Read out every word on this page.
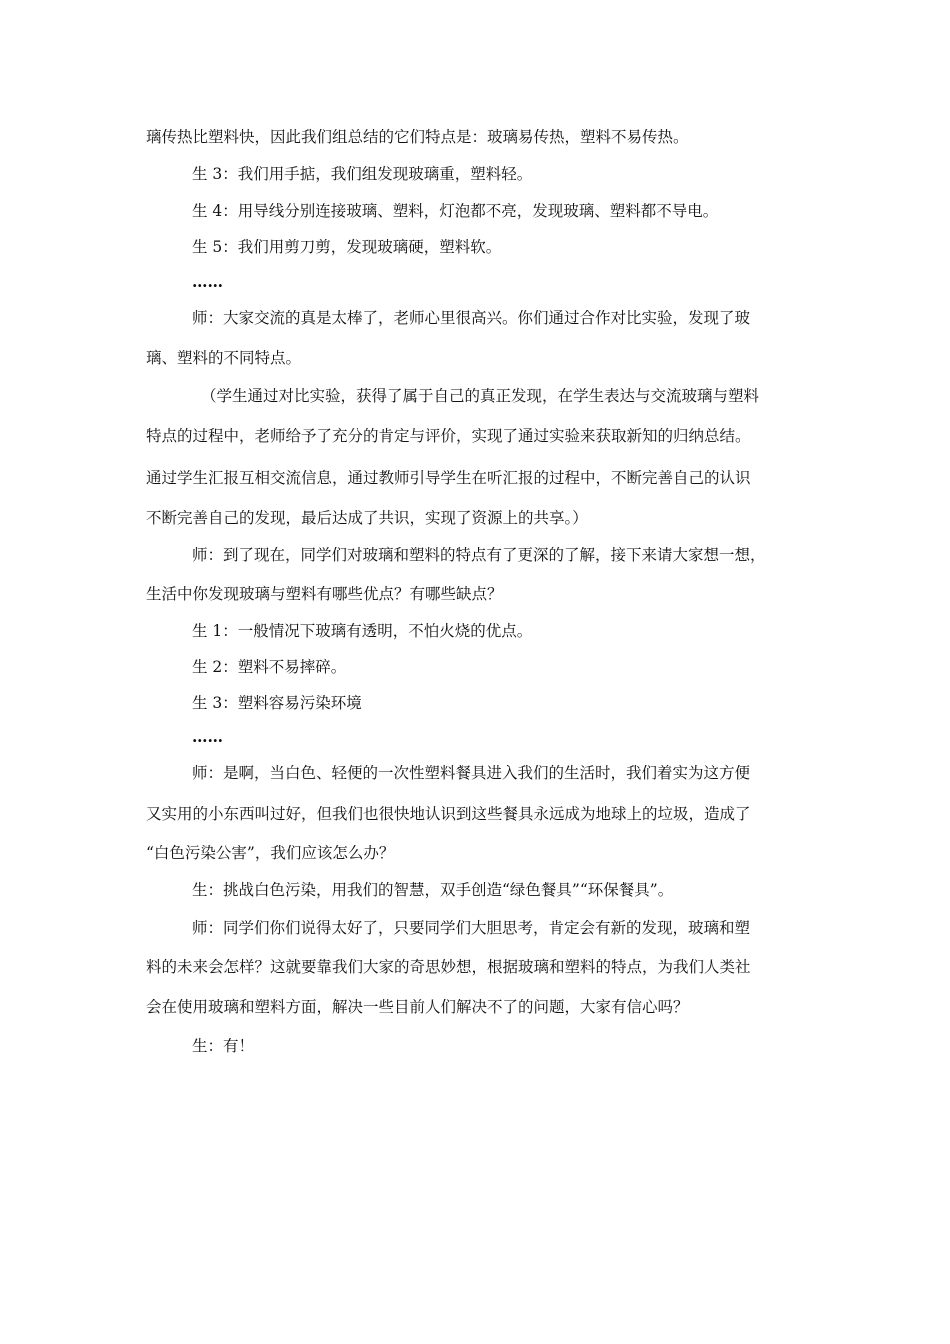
璃传热比塑料快，因此我们组总结的它们特点是：玻璃易传热，塑料不易传热。
生 3：我们用手掂，我们组发现玻璃重，塑料轻。
生 4：用导线分别连接玻璃、塑料，灯泡都不亮，发现玻璃、塑料都不导电。
生 5：我们用剪刀剪，发现玻璃硬，塑料软。
……
师：大家交流的真是太棒了，老师心里很高兴。你们通过合作对比实验，发现了玻
璃、塑料的不同特点。
（学生通过对比实验，获得了属于自己的真正发现，在学生表达与交流玻璃与塑料
特点的过程中，老师给予了充分的肯定与评价，实现了通过实验来获取新知的归纳总结。
通过学生汇报互相交流信息，通过教师引导学生在听汇报的过程中，不断完善自己的认识
不断完善自己的发现，最后达成了共识，实现了资源上的共享。）
师：到了现在，同学们对玻璃和塑料的特点有了更深的了解，接下来请大家想一想，
生活中你发现玻璃与塑料有哪些优点？有哪些缺点？
生 1：一般情况下玻璃有透明，不怕火烧的优点。
生 2：塑料不易摔碎。
生 3：塑料容易污染环境
……
师：是啊，当白色、轻便的一次性塑料餐具进入我们的生活时，我们着实为这方便
又实用的小东西叫过好，但我们也很快地认识到这些餐具永远成为地球上的垃圾，造成了
“白色污染公害”，我们应该怎么办？
生：挑战白色污染，用我们的智慧，双手创造“绿色餐具”“环保餐具”。
师：同学们你们说得太好了，只要同学们大胆思考，肯定会有新的发现，玻璃和塑
料的未来会怎样？这就要靠我们大家的奇思妙想，根据玻璃和塑料的特点，为我们人类社
会在使用玻璃和塑料方面，解决一些目前人们解决不了的问题，大家有信心吗？
生：有！
